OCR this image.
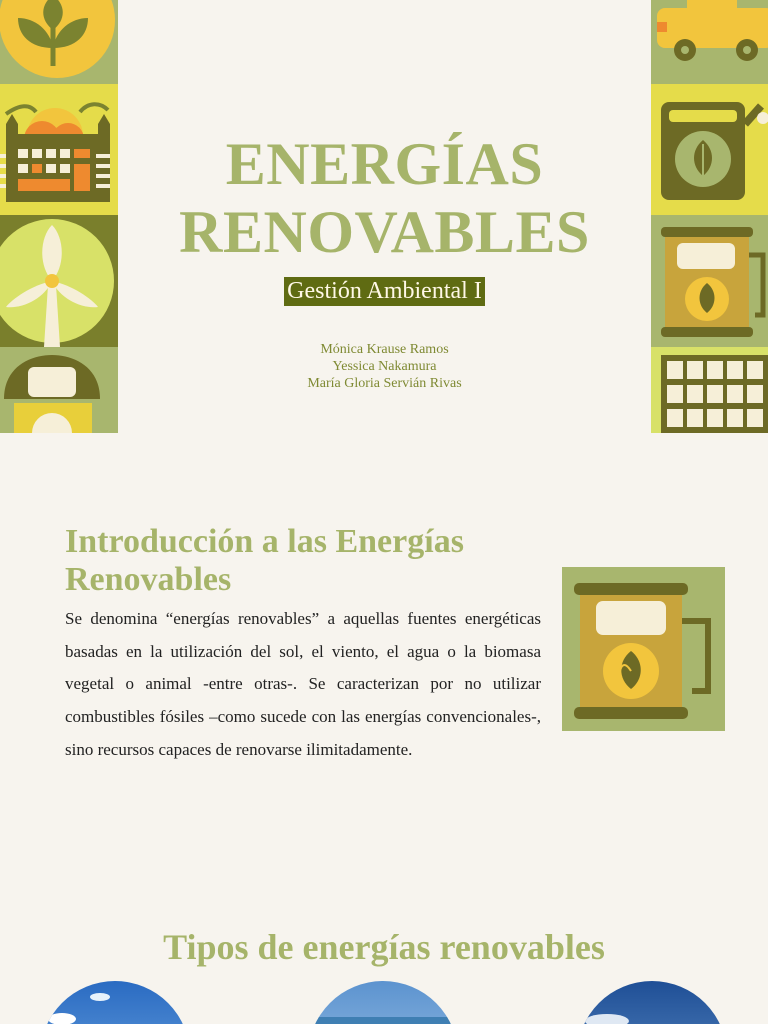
ENERGÍAS
RENOVABLES
Gestión Ambiental I
Mónica Krause Ramos
Yessica Nakamura
María Gloria Servián Rivas
Introducción a las Energías Renovables

Se denomina “energías renovables” a aquellas fuentes energéticas basadas en la utilización del sol, el viento, el agua o la biomasa vegetal o animal -entre otras-. Se caracterizan por no utilizar combustibles fósiles –como sucede con las energías convencionales-, sino recursos capaces de renovarse ilimitadamente.

Tipos de energías renovables
